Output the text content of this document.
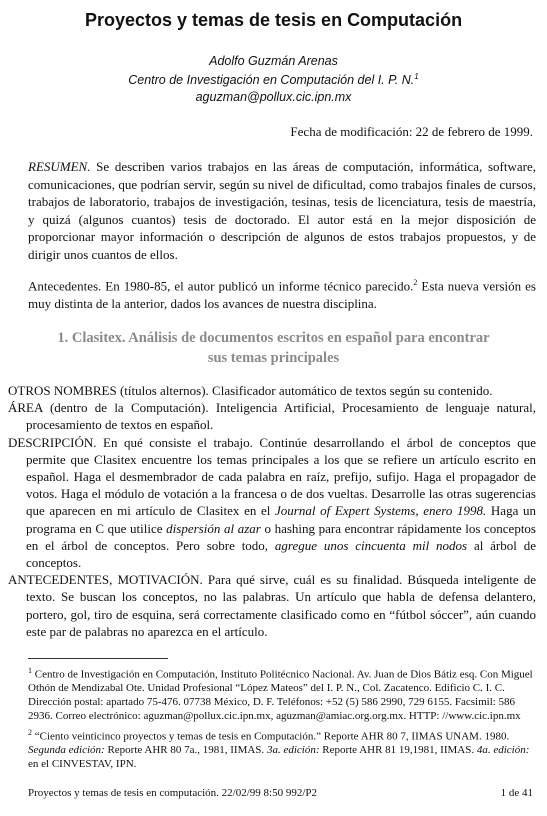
Proyectos y temas de tesis en Computación
Adolfo Guzmán Arenas
Centro de Investigación en Computación del I. P. N.$^1$
aguzman@pollux.cic.ipn.mx
Fecha de modificación: 22 de febrero de 1999.
RESUMEN. Se describen varios trabajos en las áreas de computación, informática, software, comunicaciones, que podrían servir, según su nivel de dificultad, como trabajos finales de cursos, trabajos de laboratorio, trabajos de investigación, tesinas, tesis de licenciatura, tesis de maestría, y quizá (algunos cuantos) tesis de doctorado. El autor está en la mejor disposición de proporcionar mayor información o descripción de algunos de estos trabajos propuestos, y de dirigir unos cuantos de ellos.
Antecedentes. En 1980-85, el autor publicó un informe técnico parecido.$^2$ Esta nueva versión es muy distinta de la anterior, dados los avances de nuestra disciplina.
1. Clasitex. Análisis de documentos escritos en español para encontrar
sus temas principales

OTROS NOMBRES (títulos alternos). Clasificador automático de textos según su contenido.

ÁREA (dentro de la Computación). Inteligencia Artificial, Procesamiento de lenguaje natural, procesamiento de textos en español.

DESCRIPCIÓN. En qué consiste el trabajo. Continúe desarrollando el árbol de conceptos que permite que Clasitex encuentre los temas principales a los que se refiere un artículo escrito en español. Haga el desmembrador de cada palabra en raíz, prefijo, sufijo. Haga el propagador de votos. Haga el módulo de votación a la francesa o de dos vueltas. Desarrolle las otras sugerencias que aparecen en mi artículo de Clasitex en el Journal of Expert Systems, enero 1998. Haga un programa en C que utilice dispersión al azar o hashing para encontrar rápidamente los conceptos en el árbol de conceptos. Pero sobre todo, agregue unos cincuenta mil nodos al árbol de conceptos.

ANTECEDENTES, MOTIVACIÓN. Para qué sirve, cuál es su finalidad. Búsqueda inteligente de texto. Se buscan los conceptos, no las palabras. Un artículo que habla de defensa delantero, portero, gol, tiro de esquina, será correctamente clasificado como en “fútbol sóccer”, aún cuando este par de palabras no aparezca en el artículo.

$^1$ Centro de Investigación en Computación, Instituto Politécnico Nacional. Av. Juan de Dios Bátiz esq. Con Miguel Othón de Mendizabal Ote. Unidad Profesional “López Mateos” del I. P. N., Col. Zacatenco. Edificio C. I. C. Dirección postal: apartado 75-476. 07738 México, D. F. Teléfonos: +52 (5) 586 2990, 729 6155. Facsimil: 586 2936. Correo electrónico: aguzman@pollux.cic.ipn.mx, aguzman@amiac.org.org.mx. HTTP: //www.cic.ipn.mx

$^2$ “Ciento veinticinco proyectos y temas de tesis en Computación.” Reporte AHR 80 7, IIMAS UNAM. 1980. Segunda edición: Reporte AHR 80 7a., 1981, IIMAS. 3a. edición: Reporte AHR 81 19,1981, IIMAS. 4a. edición: en el CINVESTAV, IPN.

Proyectos y temas de tesis en computación. 22/02/99 8:50 992/P2	1 de 41
